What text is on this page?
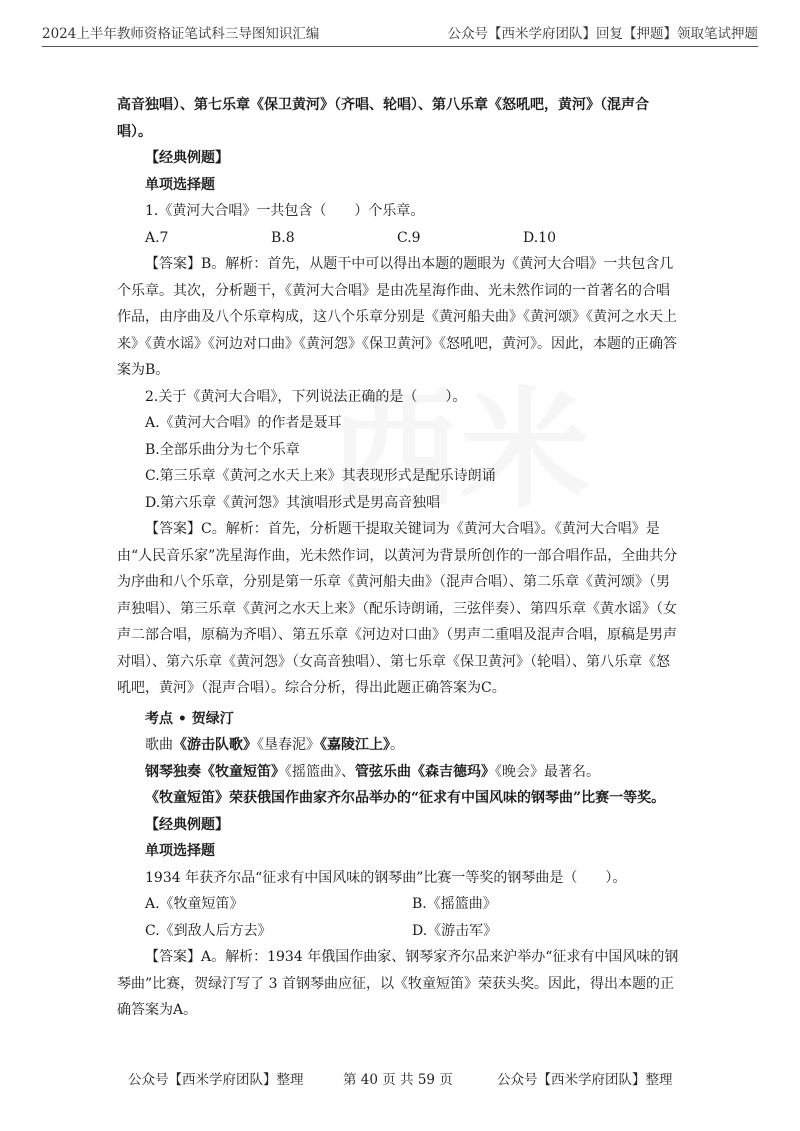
2024上半年教师资格证笔试科三导图知识汇编	公众号【西米学府团队】回复【押题】领取笔试押题

高音独唱）、第七乐章《保卫黄河》（齐唱、轮唱）、第八乐章《怒吼吧，黄河》（混声合唱）。

【经典例题】

单项选择题

1.《黄河大合唱》一共包含（　　）个乐章。

A.7	B.8	C.9	D.10

【答案】B。解析：首先，从题干中可以得出本题的题眼为《黄河大合唱》一共包含几个乐章。其次，分析题干，《黄河大合唱》是由冼星海作曲、光未然作词的一首著名的合唱作品，由序曲及八个乐章构成，这八个乐章分别是《黄河船夫曲》《黄河颂》《黄河之水天上来》《黄水谣》《河边对口曲》《黄河怨》《保卫黄河》《怒吼吧，黄河》。因此，本题的正确答案为B。

2.关于《黄河大合唱》，下列说法正确的是（　　）。

A.《黄河大合唱》的作者是聂耳

B.全部乐曲分为七个乐章

C.第三乐章《黄河之水天上来》其表现形式是配乐诗朗诵

D.第六乐章《黄河怨》其演唱形式是男高音独唱

【答案】C。解析：首先，分析题干提取关键词为《黄河大合唱》。《黄河大合唱》是由“人民音乐家”冼星海作曲，光未然作词，以黄河为背景所创作的一部合唱作品，全曲共分为序曲和八个乐章，分别是第一乐章《黄河船夫曲》（混声合唱）、第二乐章《黄河颂》（男声独唱）、第三乐章《黄河之水天上来》（配乐诗朗诵，三弦伴奏）、第四乐章《黄水谣》（女声二部合唱，原稿为齐唱）、第五乐章《河边对口曲》（男声二重唱及混声合唱，原稿是男声对唱）、第六乐章《黄河怨》（女高音独唱）、第七乐章《保卫黄河》（轮唱）、第八乐章《怒吼吧，黄河》（混声合唱）。综合分析，得出此题正确答案为C。

考点 • 贺绿汀

歌曲《游击队歌》《垦春泥》《嘉陵江上》。

钢琴独奏《牧童短笛》《摇篮曲》、管弦乐曲《森吉德玛》《晚会》最著名。

《牧童短笛》荣获俄国作曲家齐尔品举办的“征求有中国风味的钢琴曲”比赛一等奖。

【经典例题】

单项选择题

1934 年获齐尔品“征求有中国风味的钢琴曲”比赛一等奖的钢琴曲是（　　）。

A.《牧童短笛》	B.《摇篮曲》
C.《到敌人后方去》	D.《游击军》

【答案】A。解析：1934 年俄国作曲家、钢琴家齐尔品来沪举办“征求有中国风味的钢琴曲”比赛，贺绿汀写了 3 首钢琴曲应征，以《牧童短笛》荣获头奖。因此，得出本题的正确答案为A。

公众号【西米学府团队】整理	第 40 页 共 59 页	公众号【西米学府团队】整理
